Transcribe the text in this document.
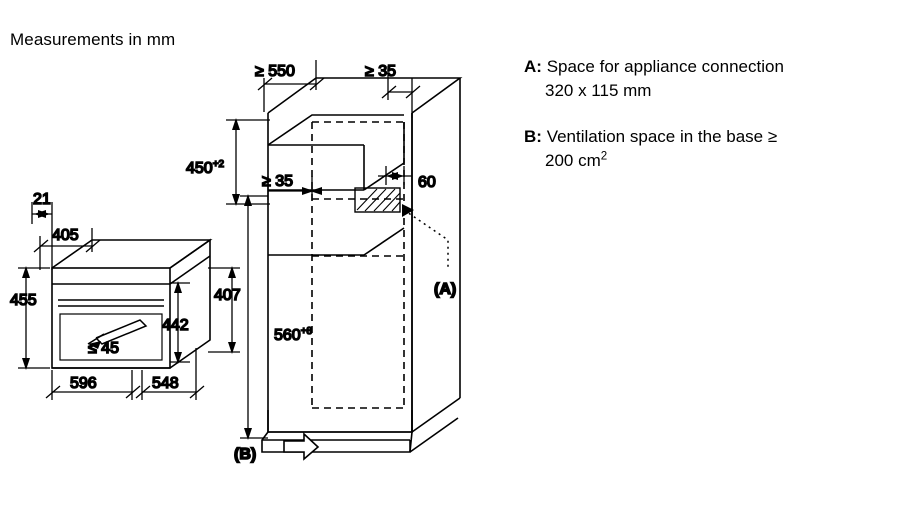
Measurements in mm
A: Space for appliance connection
320 x 115 mm
B: Ventilation space in the base ≥
200 $cm^2$
≥ 550	≥ 35
$450^{+2}$
≥ 35	60
$560^{+8}$
(A)
(B)
≤ 45
21
405
455
442
407
596	548
